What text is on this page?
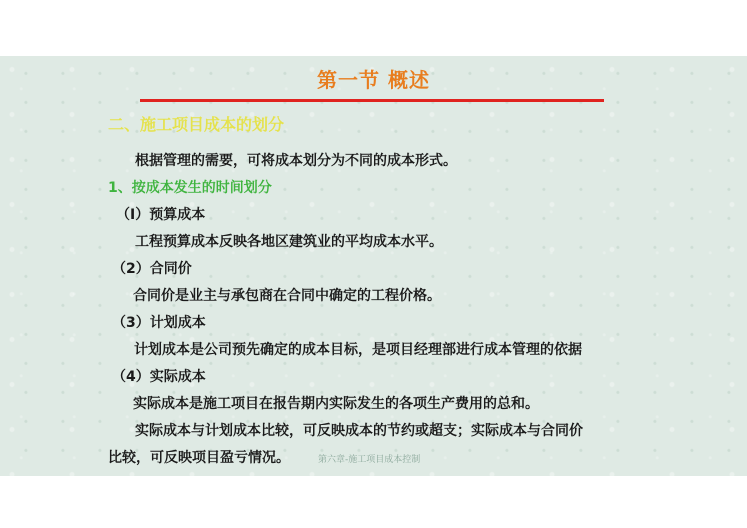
第一节 概述
二、施工项目成本的划分
根据管理的需要，可将成本划分为不同的成本形式。
1、按成本发生的时间划分
（I）预算成本
工程预算成本反映各地区建筑业的平均成本水平。
（2）合同价
合同价是业主与承包商在合同中确定的工程价格。
（3）计划成本
计划成本是公司预先确定的成本目标，是项目经理部进行成本管理的依据
（4）实际成本
实际成本是施工项目在报告期内实际发生的各项生产费用的总和。
实际成本与计划成本比较，可反映成本的节约或超支；实际成本与合同价
比较，可反映项目盈亏情况。	第六章-施工项目成本控制
